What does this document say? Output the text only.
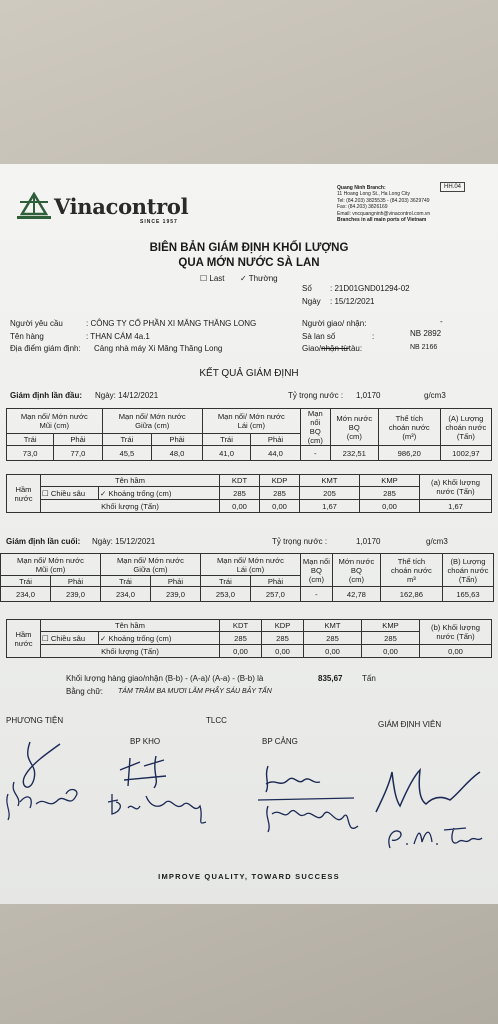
Vinacontrol
SINCE 1957
Quang Ninh Branch:
11 Hoang Long St., Ha Long City
Tel: (84.203) 3825535 - (84.203) 3629749
Fax: (84.203) 3826169
Email: vncquangninh@vinacontrol.com.vn
Branches in all main ports of Vietnam
HH.04
BIÊN BẢN GIÁM ĐỊNH KHỐI LƯỢNG
QUA MỚN NƯỚC SÀ LAN
☐ Last ✓ Thường
Số : 21D01GND01294-02
Ngày : 15/12/2021
Người yêu cầu	: CÔNG TY CỔ PHẦN XI MĂNG THĂNG LONG
Tên hàng	: THAN CÁM 4a.1
Địa điểm giám định: Cảng nhà máy Xi Măng Thăng Long
Người giao/ nhận:	-
Sà lan số	:	NB 2892
Giao/nhận từtàu:	NB 2166
KẾT QUẢ GIÁM ĐỊNH
Giám định lần đầu: Ngày: 14/12/2021	Tỷ trọng nước : 1,0170	g/cm3
Mạn nổi/ Mớn nước
Mũi (cm)		Mạn nổi/ Mớn nước
Giữa (cm)		Mạn nổi/ Mớn nước
Lái (cm)		Mạn nổi
BQ
(cm)	Mớn nước
BQ
(cm)	Thể tích
choán nước
(m³)	(A) Lượng
choán nước
(Tấn)
Trái	Phải	Trái	Phải	Trái	Phải				
73,0	77,0	45,5	48,0	41,0	44,0	-	232,51	986,20	1002,97
Hầm nước	Tên hầm		KDT	KDP	KMT	KMP	(a) Khối lượng nước (Tấn)
	☐ Chiều sâu	✓ Khoảng trống (cm)	285	285	205	285	
	Khối lượng (Tấn)		0,00	0,00	1,67	0,00	1,67
Giám định lần cuối: Ngày: 15/12/2021	Tỷ trọng nước :	1,0170	g/cm3
Mạn nổi/ Mớn nước
Mũi (cm)		Mạn nổi/ Mớn nước
Giữa (cm)		Mạn nổi/ Mớn nước
Lái (cm)		Mạn nổi
BQ
(cm)	Mớn nước
BQ
(cm)	Thể tích
choán nước
m³	(B) Lượng
choán nước
(Tấn)
Trái	Phải	Trái	Phải	Trái	Phải				
234,0	239,0	234,0	239,0	253,0	257,0	-	42,78	162,86	165,63
Hầm nước	Tên hầm		KDT	KDP	KMT	KMP	(b) Khối lượng nước (Tấn)
	☐ Chiều sâu	✓ Khoảng trống (cm)	285	285	285	285	
	Khối lượng (Tấn)		0,00	0,00	0,00	0,00	0,00
Khối lượng hàng giao/nhận (B-b) - (A-a)/ (A-a) - (B-b) là	835,67 Tấn
Bằng chữ: TÁM TRĂM BA MƯƠI LĂM PHẨY SÁU BẢY TẤN
PHƯƠNG TIỆN	TLCC	GIÁM ĐỊNH VIÊN
BP KHO	BP CẢNG
IMPROVE QUALITY, TOWARD SUCCESS
